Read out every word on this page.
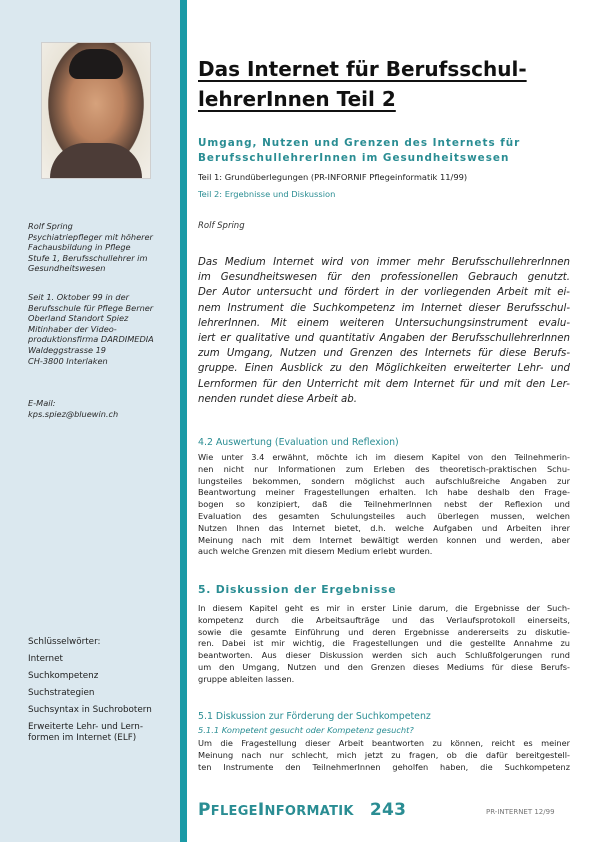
Rolf Spring
Psychiatriepfleger mit höherer
Fachausbildung in Pflege
Stufe 1, Berufsschullehrer im
Gesundheitswesen
Seit 1. Oktober 99 in der
Berufsschule für Pflege Berner
Oberland Standort Spiez
Mitinhaber der Video-
produktionsfirma DARDIMEDIA
Waldeggstrasse 19
CH-3800 Interlaken
E-Mail:
kps.spiez@bluewin.ch
Schlüsselwörter:
Internet
Suchkompetenz
Suchstrategien
Suchsyntax in Suchrobotern
Erweiterte Lehr- und Lern-
formen im Internet (ELF)
Das Internet für Berufsschul-
lehrerInnen Teil 2
Umgang, Nutzen und Grenzen des Internets für
BerufsschullehrerInnen im Gesundheitswesen
Teil 1: Grundüberlegungen (PR-INFORNIF Pflegeinformatik 11/99)
Teil 2: Ergebnisse und Diskussion
Rolf Spring
Das Medium Internet wird von immer mehr BerufsschullehrerInnen
im Gesundheitswesen für den professionellen Gebrauch genutzt.
Der Autor untersucht und fördert in der vorliegenden Arbeit mit ei-
nem Instrument die Suchkompetenz im Internet dieser Berufsschul-
lehrerInnen. Mit einem weiteren Untersuchungsinstrument evalu-
iert er qualitative und quantitativ Angaben der BerufsschullehrerInnen
zum Umgang, Nutzen und Grenzen des Internets für diese Berufs-
gruppe. Einen Ausblick zu den Möglichkeiten erweiterter Lehr- und
Lernformen für den Unterricht mit dem Internet für und mit den Ler-
nenden rundet diese Arbeit ab.
4.2 Auswertung (Evaluation und Reflexion)
Wie unter 3.4 erwähnt, möchte ich im diesem Kapitel von den Teilnehmerin-
nen nicht nur Informationen zum Erleben des theoretisch-praktischen Schu-
lungsteiles bekommen, sondern möglichst auch aufschlußreiche Angaben zur
Beantwortung meiner Fragestellungen erhalten. Ich habe deshalb den Frage-
bogen so konzipiert, daß die TeilnehmerInnen nebst der Reflexion und
Evaluation des gesamten Schulungsteiles auch überlegen mussen, welchen
Nutzen Ihnen das Internet bietet, d.h. welche Aufgaben und Arbeiten ihrer
Meinung nach mit dem Internet bewältigt werden konnen und werden, aber
auch welche Grenzen mit diesem Medium erlebt wurden.
5. Diskussion der Ergebnisse
In diesem Kapitel geht es mir in erster Linie darum, die Ergebnisse der Such-
kompetenz durch die Arbeitsaufträge und das Verlaufsprotokoll einerseits,
sowie die gesamte Einführung und deren Ergebnisse andererseits zu diskutie-
ren. Dabei ist mir wichtig, die Fragestellungen und die gestellte Annahme zu
beantworten. Aus dieser Diskussion werden sich auch Schlußfolgerungen rund
um den Umgang, Nutzen und den Grenzen dieses Mediums für diese Berufs-
gruppe ableiten lassen.
5.1 Diskussion zur Förderung der Suchkompetenz
5.1.1 Kompetent gesucht oder Kompetenz gesucht?
Um die Fragestellung dieser Arbeit beantworten zu können, reicht es meiner
Meinung nach nur schlecht, mich jetzt zu fragen, ob die dafür bereitgestell-
ten Instrumente den TeilnehmerInnen geholfen haben, die Suchkompetenz
PFLEGEINFORMATIK 243	PR-INTERNET 12/99
